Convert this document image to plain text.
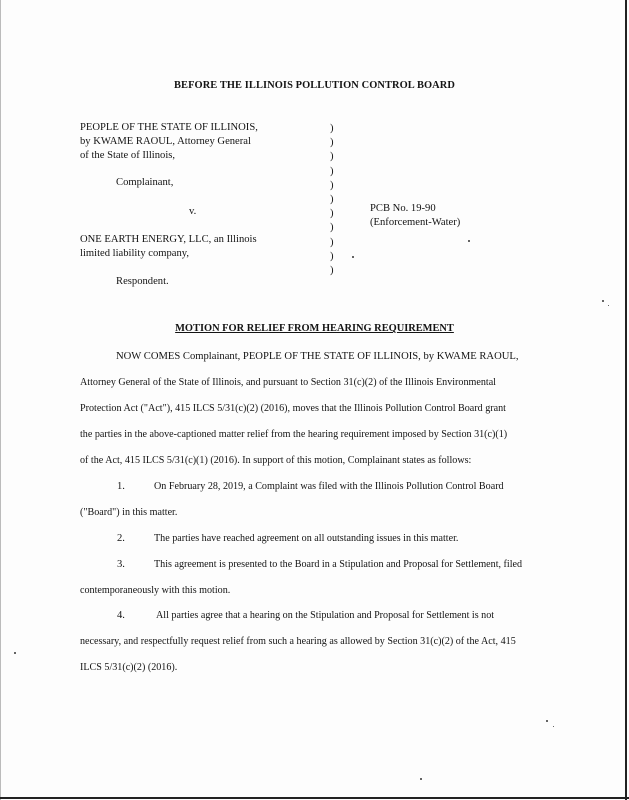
BEFORE THE ILLINOIS POLLUTION CONTROL BOARD
PEOPLE OF THE STATE OF ILLINOIS,
by KWAME RAOUL, Attorney General
of the State of Illinois,
Complainant,
v.
ONE EARTH ENERGY, LLC, an Illinois
limited liability company,
Respondent.
)
)
)
)
)
)
)
)
)
)
)
PCB No. 19-90
(Enforcement-Water)
MOTION FOR RELIEF FROM HEARING REQUIREMENT
NOW COMES Complainant, PEOPLE OF THE STATE OF ILLINOIS, by KWAME RAOUL,
Attorney General of the State of Illinois, and pursuant to Section 31(c)(2) of the Illinois Environmental
Protection Act ("Act"), 415 ILCS 5/31(c)(2) (2016), moves that the Illinois Pollution Control Board grant
the parties in the above-captioned matter relief from the hearing requirement imposed by Section 31(c)(1)
of the Act, 415 ILCS 5/31(c)(1) (2016). In support of this motion, Complainant states as follows:
1.	On February 28, 2019, a Complaint was filed with the Illinois Pollution Control Board
("Board") in this matter.
2.	The parties have reached agreement on all outstanding issues in this matter.
3.	This agreement is presented to the Board in a Stipulation and Proposal for Settlement, filed
contemporaneously with this motion.
4.	All parties agree that a hearing on the Stipulation and Proposal for Settlement is not
necessary, and respectfully request relief from such a hearing as allowed by Section 31(c)(2) of the Act, 415
ILCS 5/31(c)(2) (2016).
